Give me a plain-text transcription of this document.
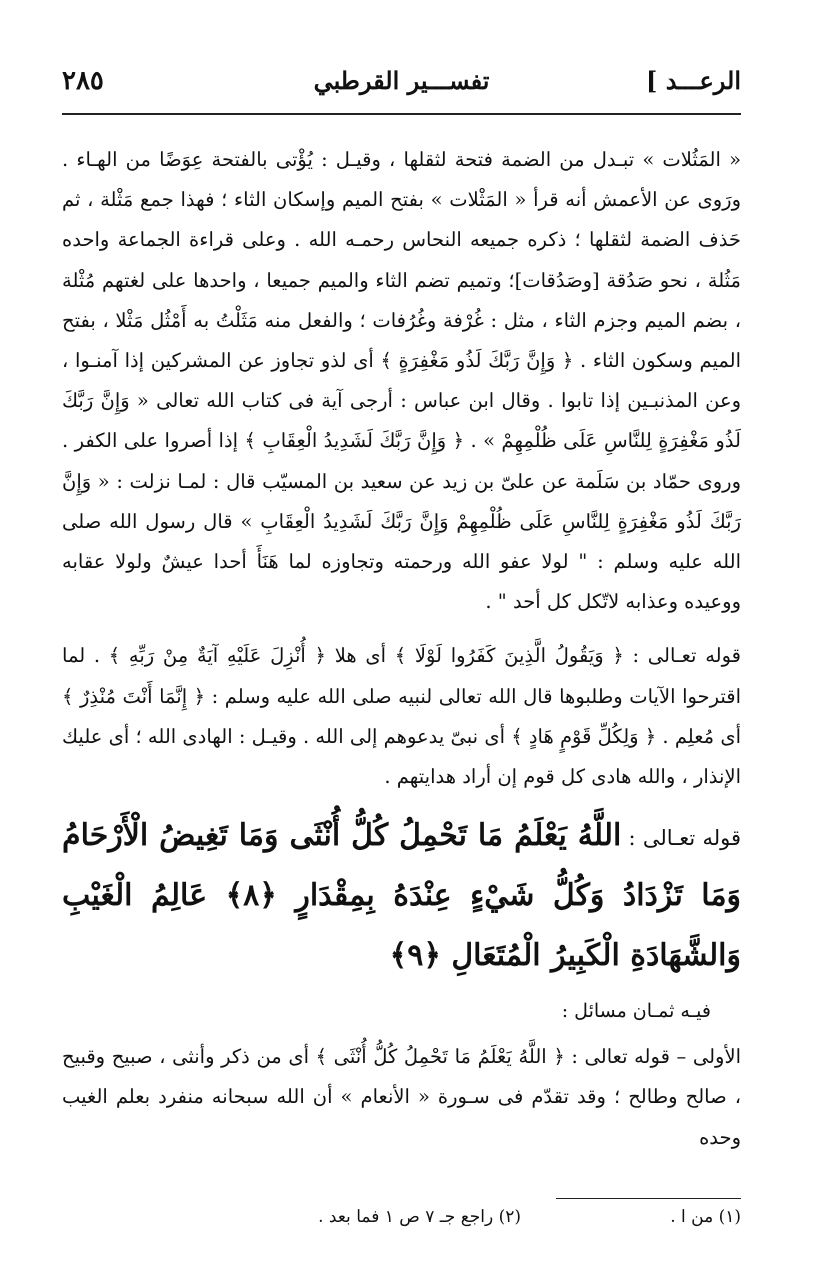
الرعـــد ]
تفســـير القرطبي
٢٨٥

« المَثُلات » تبـدل من الضمة فتحة لثقلها ، وقيـل : يُؤْتى بالفتحة عِوَضًا من الهـاء . ورَوى عن الأعمش أنه قرأ « المَثْلات » بفتح الميم وإسكان الثاء ؛ فهذا جمع مَثْلة ، ثم حَذف الضمة لثقلها ؛ ذكره جميعه النحاس رحمـه الله . وعلى قراءة الجماعة واحده مَثُلة ، نحو صَدُقة [وصَدُقات]؛ وتميم تضم الثاء والميم جميعا ، واحدها على لغتهم مُثْلة ، بضم الميم وجزم الثاء ، مثل : غُرْفة وغُرُفات ؛ والفعل منه مَثَلْتُ به أَمْثُل مَثْلا ، بفتح الميم وسكون الثاء . ﴿ وَإِنَّ رَبَّكَ لَذُو مَغْفِرَةٍ ﴾ أى لذو تجاوز عن المشركين إذا آمنـوا ، وعن المذنبـين إذا تابوا . وقال ابن عباس : أرجى آية فى كتاب الله تعالى « وَإِنَّ رَبَّكَ لَذُو مَغْفِرَةٍ لِلنَّاسِ عَلَى ظُلْمِهِمْ » . ﴿ وَإِنَّ رَبَّكَ لَشَدِيدُ الْعِقَابِ ﴾ إذا أصروا على الكفر . وروى حمّاد بن سَلَمة عن علىّ بن زيد عن سعيد بن المسيّب قال : لمـا نزلت : « وَإِنَّ رَبَّكَ لَذُو مَغْفِرَةٍ لِلنَّاسِ عَلَى ظُلْمِهِمْ وَإِنَّ رَبَّكَ لَشَدِيدُ الْعِقَابِ » قال رسول الله صلى الله عليه وسلم : " لولا عفو الله ورحمته وتجاوزه لما هَنَأَ أحدا عيشٌ ولولا عقابه ووعيده وعذابه لاتّكل كل أحد " .

قوله تعـالى : ﴿ وَيَقُولُ الَّذِينَ كَفَرُوا لَوْلَا ﴾ أى هلا ﴿ أُنْزِلَ عَلَيْهِ آيَةٌ مِنْ رَبِّهِ ﴾ . لما اقترحوا الآيات وطلبوها قال الله تعالى لنبيه صلى الله عليه وسلم : ﴿ إِنَّمَا أَنْتَ مُنْذِرٌ ﴾ أى مُعلِم . ﴿ وَلِكُلِّ قَوْمٍ هَادٍ ﴾ أى نبىّ يدعوهم إلى الله . وقيـل : الهادى الله ؛ أى عليك الإنذار ، والله هادى كل قوم إن أراد هدايتهم .

قوله تعـالى : اللَّهُ يَعْلَمُ مَا تَحْمِلُ كُلُّ أُنْثَى وَمَا تَغِيضُ الْأَرْحَامُ وَمَا تَزْدَادُ وَكُلُّ شَيْءٍ عِنْدَهُ بِمِقْدَارٍ ﴿٨﴾ عَالِمُ الْغَيْبِ وَالشَّهَادَةِ الْكَبِيرُ الْمُتَعَالِ ﴿٩﴾

فيـه ثمـان مسائل :

الأولى – قوله تعالى : ﴿ اللَّهُ يَعْلَمُ مَا تَحْمِلُ كُلُّ أُنْثَى ﴾ أى من ذكر وأنثى ، صبيح وقبيح ، صالح وطالح ؛ وقد تقدّم فى سـورة « الأنعام » أن الله سبحانه منفرد بعلم الغيب وحده

(١) من ا .
(٢) راجع جـ ٧ ص ١ فما بعد .
